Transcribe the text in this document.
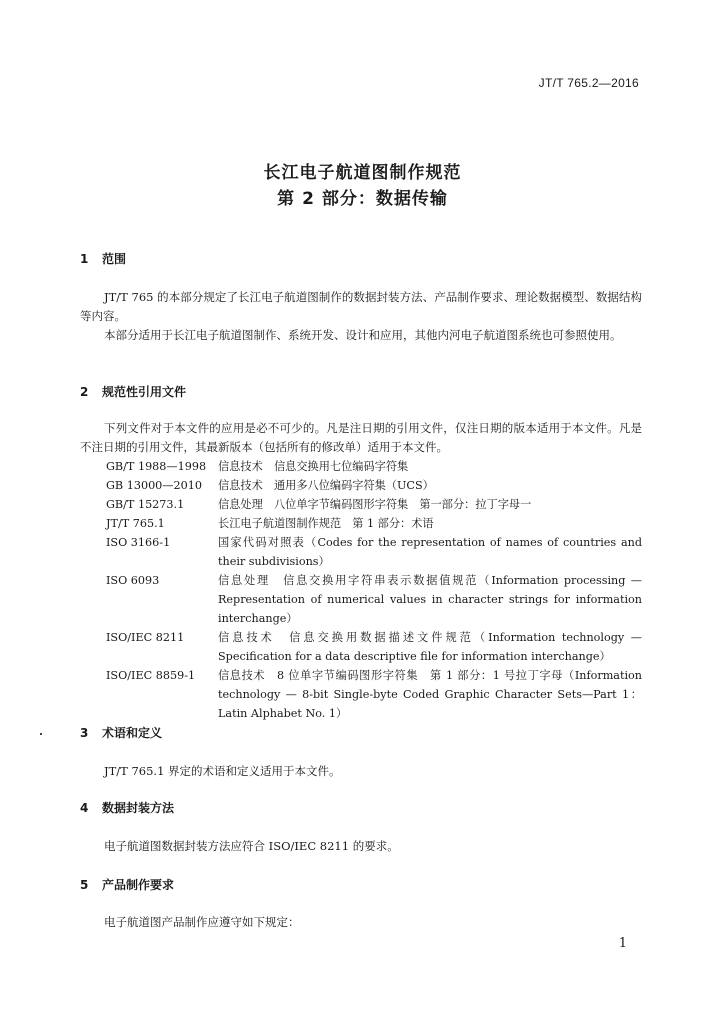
JT/T 765.2—2016
长江电子航道图制作规范
第 2 部分：数据传输
1 范围
JT/T 765 的本部分规定了长江电子航道图制作的数据封装方法、产品制作要求、理论数据模型、数据结构等内容。
本部分适用于长江电子航道图制作、系统开发、设计和应用，其他内河电子航道图系统也可参照使用。
2 规范性引用文件
下列文件对于本文件的应用是必不可少的。凡是注日期的引用文件，仅注日期的版本适用于本文件。凡是不注日期的引用文件，其最新版本（包括所有的修改单）适用于本文件。
GB/T 1988—1998	信息技术　信息交换用七位编码字符集
GB 13000—2010	信息技术　通用多八位编码字符集（UCS）
GB/T 15273.1	信息处理　八位单字节编码图形字符集　第一部分：拉丁字母一
JT/T 765.1	长江电子航道图制作规范　第 1 部分：术语
ISO 3166-1	国家代码对照表（Codes for the representation of names of countries and their subdivisions）
ISO 6093	信息处理　信息交换用字符串表示数据值规范（Information processing — Representation of numerical values in character strings for information interchange）
ISO/IEC 8211	信息技术　信息交换用数据描述文件规范（Information technology — Specification for a data descriptive file for information interchange）
ISO/IEC 8859-1	信息技术　8 位单字节编码图形字符集　第 1 部分：1 号拉丁字母（Information technology — 8-bit Single-byte Coded Graphic Character Sets—Part 1：Latin Alphabet No. 1）
3 术语和定义
JT/T 765.1 界定的术语和定义适用于本文件。
4 数据封装方法
电子航道图数据封装方法应符合 ISO/IEC 8211 的要求。
5 产品制作要求
电子航道图产品制作应遵守如下规定：
1
